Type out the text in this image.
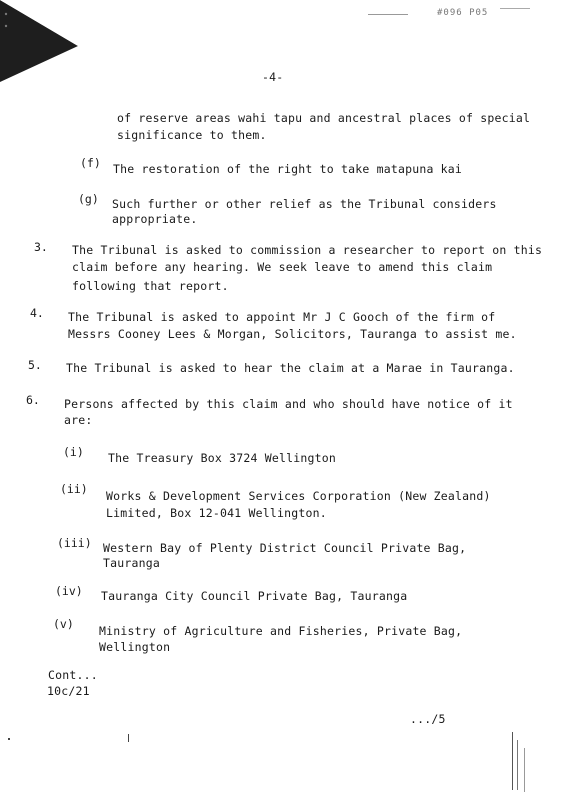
#096 P05
-4-
of reserve areas wahi tapu and ancestral places of special
significance to them.
(f) The restoration of the right to take matapuna kai
(g) Such further or other relief as the Tribunal considers
appropriate.
3. The Tribunal is asked to commission a researcher to report on this
claim before any hearing. We seek leave to amend this claim
following that report.
4. The Tribunal is asked to appoint Mr J C Gooch of the firm of
Messrs Cooney Lees & Morgan, Solicitors, Tauranga to assist me.
5. The Tribunal is asked to hear the claim at a Marae in Tauranga.
6. Persons affected by this claim and who should have notice of it
are:
(i) The Treasury Box 3724 Wellington
(ii) Works & Development Services Corporation (New Zealand)
Limited, Box 12-041 Wellington.
(iii) Western Bay of Plenty District Council Private Bag,
Tauranga
(iv) Tauranga City Council Private Bag, Tauranga
(v) Ministry of Agriculture and Fisheries, Private Bag,
Wellington
Cont...
10c/21
.../5
